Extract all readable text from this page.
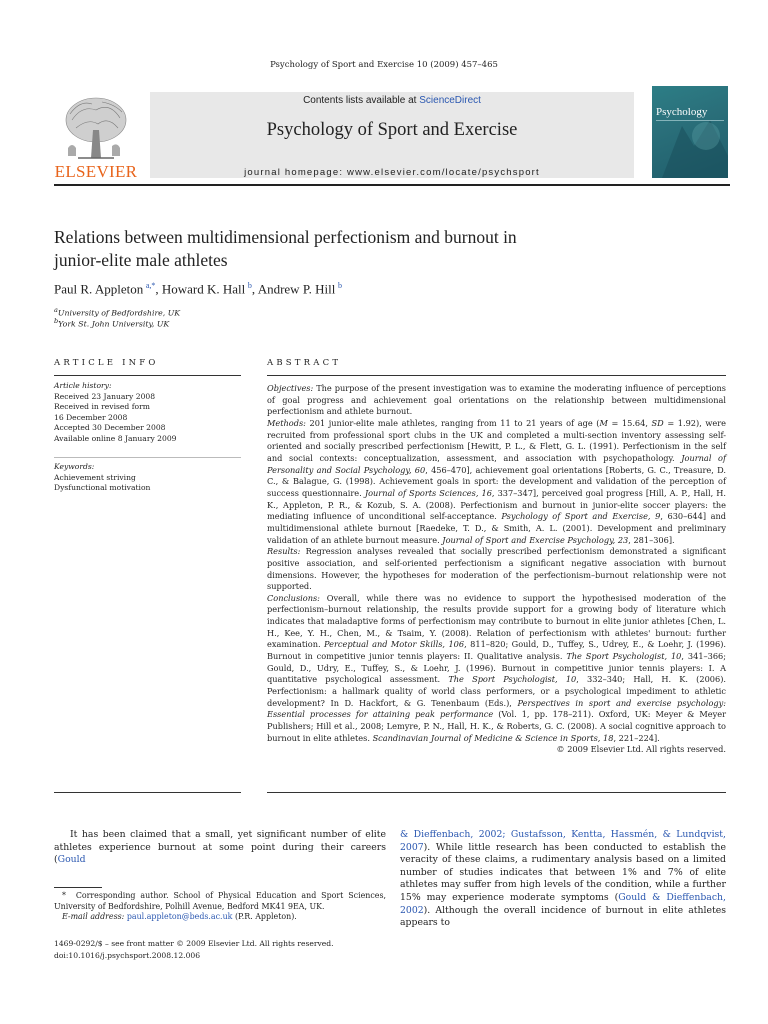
Psychology of Sport and Exercise 10 (2009) 457–465
ELSEVIER
Contents lists available at ScienceDirect
Psychology of Sport and Exercise
journal homepage: www.elsevier.com/locate/psychsport
Psychology
Relations between multidimensional perfectionism and burnout in
junior-elite male athletes
Paul R. Appleton  $^{a,*}$, Howard K. Hall  $^b$, Andrew P. Hill  $^b$
$^a$University of Bedfordshire, UK
$^b$York St. John University, UK
ARTICLE INFO
Article history:
Received 23 January 2008
Received in revised form
16 December 2008
Accepted 30 December 2008
Available online 8 January 2009
Keywords:
Achievement striving
Dysfunctional motivation
ABSTRACT

Objectives: The purpose of the present investigation was to examine the moderating influence of perceptions of goal progress and achievement goal orientations on the relationship between multidimensional perfectionism and athlete burnout.

Methods: 201 junior-elite male athletes, ranging from 11 to 21 years of age (M = 15.64, SD = 1.92), were recruited from professional sport clubs in the UK and completed a multi-section inventory assessing self-oriented and socially prescribed perfectionism [Hewitt, P. L., & Flett, G. L. (1991). Perfectionism in the self and social contexts: conceptualization, assessment, and association with psychopathology. Journal of Personality and Social Psychology, 60, 456–470], achievement goal orientations [Roberts, G. C., Treasure, D. C., & Balague, G. (1998). Achievement goals in sport: the development and validation of the perception of success questionnaire. Journal of Sports Sciences, 16, 337–347], perceived goal progress [Hill, A. P., Hall, H. K., Appleton, P. R., & Kozub, S. A. (2008). Perfectionism and burnout in junior-elite soccer players: the mediating influence of unconditional self-acceptance. Psychology of Sport and Exercise, 9, 630–644] and multidimensional athlete burnout [Raedeke, T. D., & Smith, A. L. (2001). Development and preliminary validation of an athlete burnout measure. Journal of Sport and Exercise Psychology, 23, 281–306].

Results: Regression analyses revealed that socially prescribed perfectionism demonstrated a significant positive association, and self-oriented perfectionism a significant negative association with burnout dimensions. However, the hypotheses for moderation of the perfectionism–burnout relationship were not supported.

Conclusions: Overall, while there was no evidence to support the hypothesised moderation of the perfectionism–burnout relationship, the results provide support for a growing body of literature which indicates that maladaptive forms of perfectionism may contribute to burnout in elite junior athletes [Chen, L. H., Kee, Y. H., Chen, M., & Tsaim, Y. (2008). Relation of perfectionism with athletes' burnout: further examination. Perceptual and Motor Skills, 106, 811–820; Gould, D., Tuffey, S., Udrey, E., & Loehr, J. (1996). Burnout in competitive junior tennis players: II. Qualitative analysis. The Sport Psychologist, 10, 341–366; Gould, D., Udry, E., Tuffey, S., & Loehr, J. (1996). Burnout in competitive junior tennis players: I. A quantitative psychological assessment. The Sport Psychologist, 10, 332–340; Hall, H. K. (2006). Perfectionism: a hallmark quality of world class performers, or a psychological impediment to athletic development? In D. Hackfort, & G. Tenenbaum (Eds.), Perspectives in sport and exercise psychology: Essential processes for attaining peak performance (Vol. 1, pp. 178–211). Oxford, UK: Meyer & Meyer Publishers; Hill et al., 2008; Lemyre, P. N., Hall, H. K., & Roberts, G. C. (2008). A social cognitive approach to burnout in elite athletes. Scandinavian Journal of Medicine & Science in Sports, 18, 221–224].

© 2009 Elsevier Ltd. All rights reserved.

It has been claimed that a small, yet significant number of elite athletes experience burnout at some point during their careers (Gould
& Dieffenbach, 2002; Gustafsson, Kentta, Hassmén, & Lundqvist, 2007). While little research has been conducted to establish the veracity of these claims, a rudimentary analysis based on a limited number of studies indicates that between 1% and 7% of elite athletes may suffer from high levels of the condition, while a further 15% may experience moderate symptoms (Gould & Dieffenbach, 2002). Although the overall incidence of burnout in elite athletes appears to
* Corresponding author. School of Physical Education and Sport Sciences, University of Bedfordshire, Polhill Avenue, Bedford MK41 9EA, UK.
E-mail address: paul.appleton@beds.ac.uk (P.R. Appleton).
1469-0292/$ – see front matter © 2009 Elsevier Ltd. All rights reserved.
doi:10.1016/j.psychsport.2008.12.006
